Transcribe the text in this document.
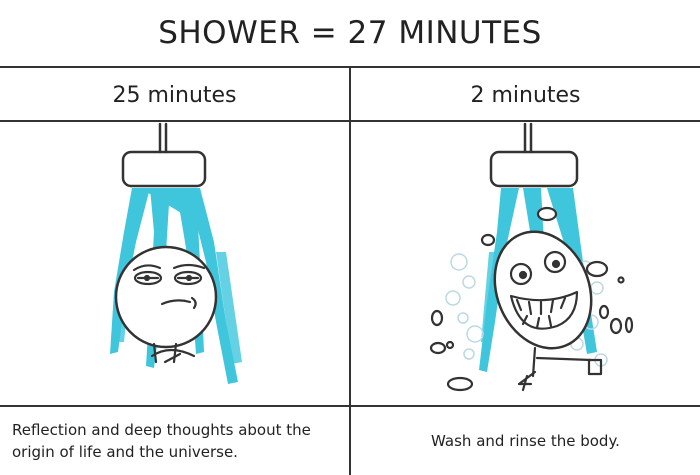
SHOWER = 27 MINUTES
25 minutes	2 minutes
Reflection and deep thoughts about the origin of life and the universe.
Wash and rinse the body.
